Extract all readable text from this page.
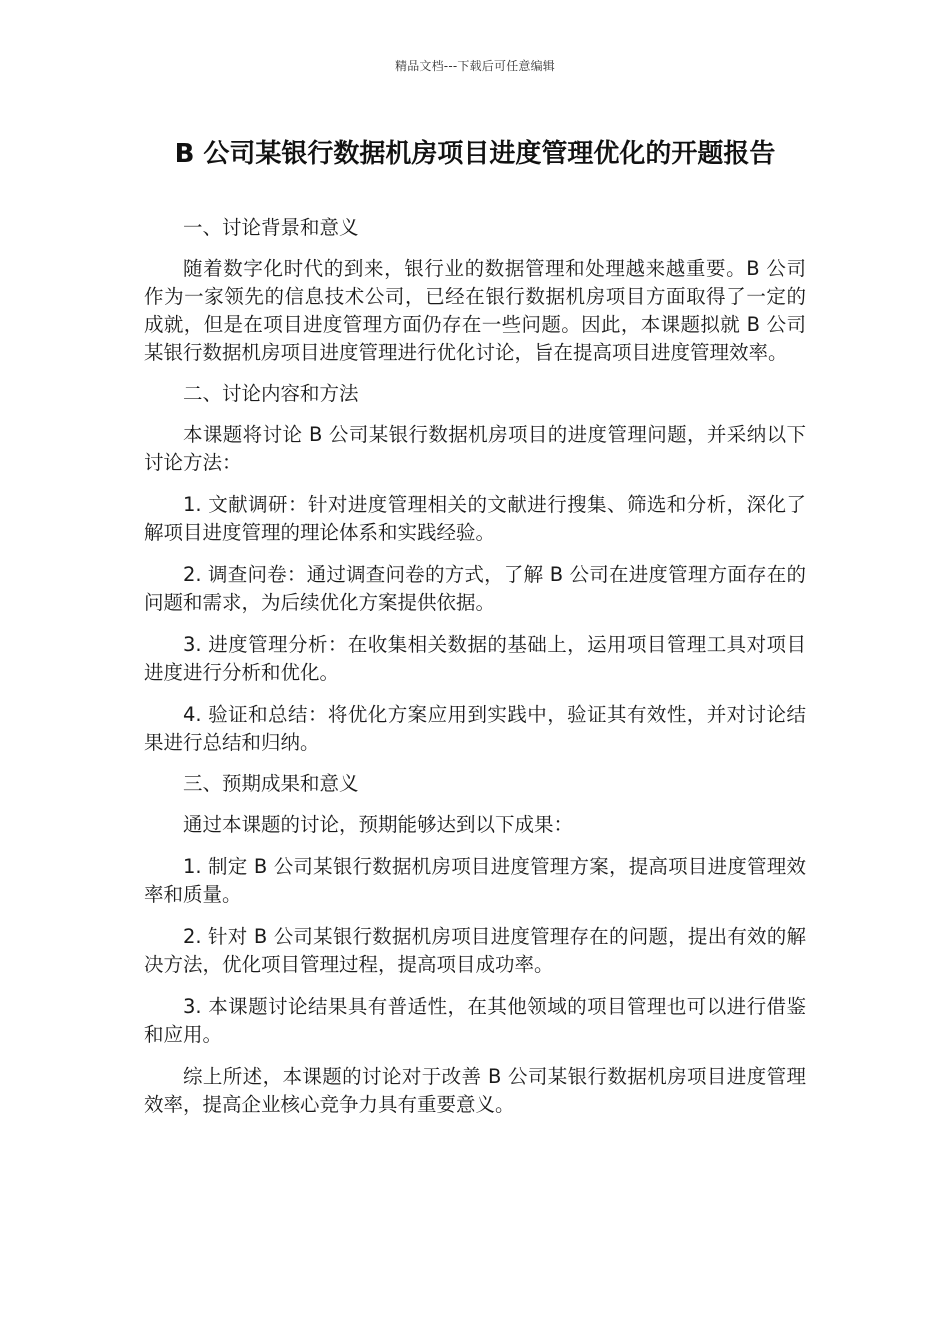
精品文档---下载后可任意编辑
B 公司某银行数据机房项目进度管理优化的开题报告

一、讨论背景和意义

随着数字化时代的到来，银行业的数据管理和处理越来越重要。B 公司作为一家领先的信息技术公司，已经在银行数据机房项目方面取得了一定的成就，但是在项目进度管理方面仍存在一些问题。因此，本课题拟就 B 公司某银行数据机房项目进度管理进行优化讨论，旨在提高项目进度管理效率。

二、讨论内容和方法

本课题将讨论 B 公司某银行数据机房项目的进度管理问题，并采纳以下讨论方法：

1. 文献调研：针对进度管理相关的文献进行搜集、筛选和分析，深化了解项目进度管理的理论体系和实践经验。

2. 调查问卷：通过调查问卷的方式，了解 B 公司在进度管理方面存在的问题和需求，为后续优化方案提供依据。

3. 进度管理分析：在收集相关数据的基础上，运用项目管理工具对项目进度进行分析和优化。

4. 验证和总结：将优化方案应用到实践中，验证其有效性，并对讨论结果进行总结和归纳。

三、预期成果和意义

通过本课题的讨论，预期能够达到以下成果：

1. 制定 B 公司某银行数据机房项目进度管理方案，提高项目进度管理效率和质量。

2. 针对 B 公司某银行数据机房项目进度管理存在的问题，提出有效的解决方法，优化项目管理过程，提高项目成功率。

3. 本课题讨论结果具有普适性，在其他领域的项目管理也可以进行借鉴和应用。

综上所述，本课题的讨论对于改善 B 公司某银行数据机房项目进度管理效率，提高企业核心竞争力具有重要意义。
